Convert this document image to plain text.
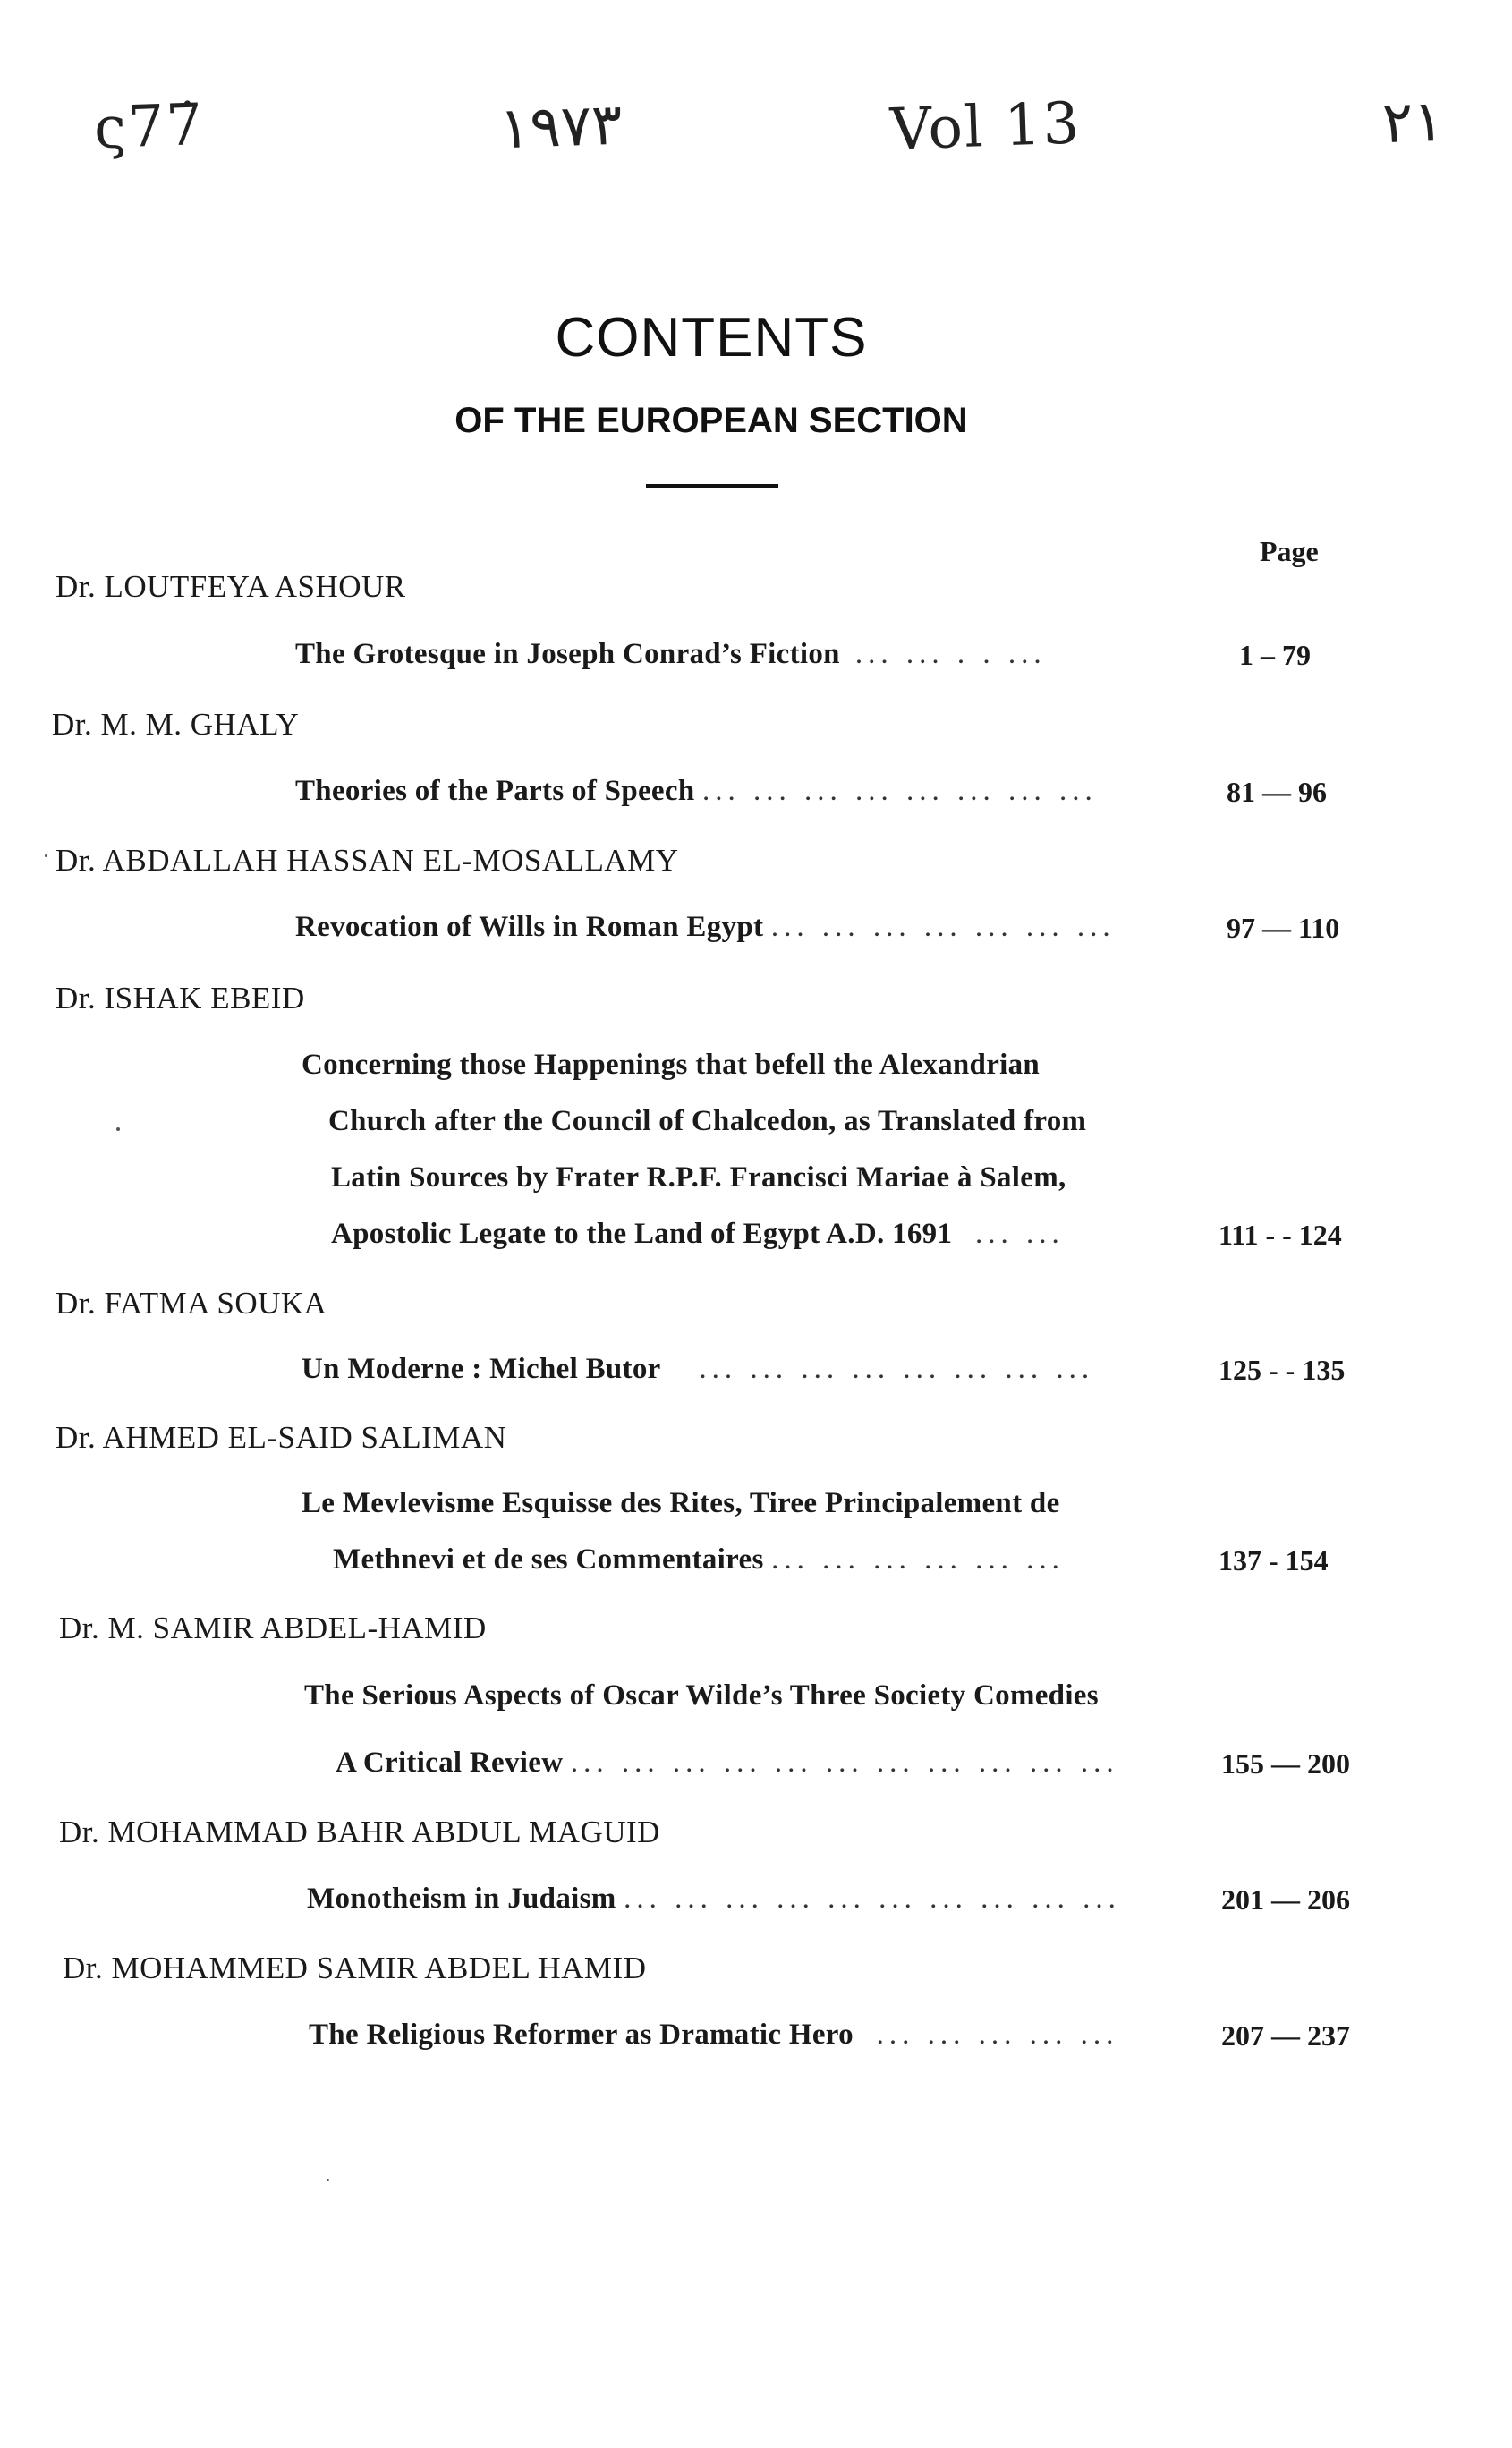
ς77̇	١٩٧٣	Vol 13	٢١
CONTENTS
OF THE EUROPEAN SECTION
Page
Dr. LOUTFEYA ASHOUR
The Grotesque in Joseph Conrad’s Fiction ... ... . . ...	1 – 79
Dr. M. M. GHALY
Theories of the Parts of Speech ... ... ... ... ... ... ... ...	81 — 96
Dr. ABDALLAH HASSAN EL-MOSALLAMY
Revocation of Wills in Roman Egypt ... ... ... ... ... ... ...	97 — 110
Dr. ISHAK EBEID
Concerning those Happenings that befell the Alexandrian
Church after the Council of Chalcedon, as Translated from
Latin Sources by Frater R.P.F. Francisci Mariae à Salem,
Apostolic Legate to the Land of Egypt A.D. 1691 ... ...	111 - - 124
Dr. FATMA SOUKA
Un Moderne : Michel Butor ... ... ... ... ... ... ... ...	125 - - 135
Dr. AHMED EL-SAID SALIMAN
Le Mevlevisme Esquisse des Rites, Tiree Principalement de
Methnevi et de ses Commentaires ... ... ... ... ... ...	137 - 154
Dr. M. SAMIR ABDEL-HAMID
The Serious Aspects of Oscar Wilde’s Three Society Comedies
A Critical Review ... ... ... ... ... ... ... ... ... ... ...	155 — 200
Dr. MOHAMMAD BAHR ABDUL MAGUID
Monotheism in Judaism ... ... ... ... ... ... ... ... ... ...	201 — 206
Dr. MOHAMMED SAMIR ABDEL HAMID
The Religious Reformer as Dramatic Hero ... ... ... ... ...	207 — 237
